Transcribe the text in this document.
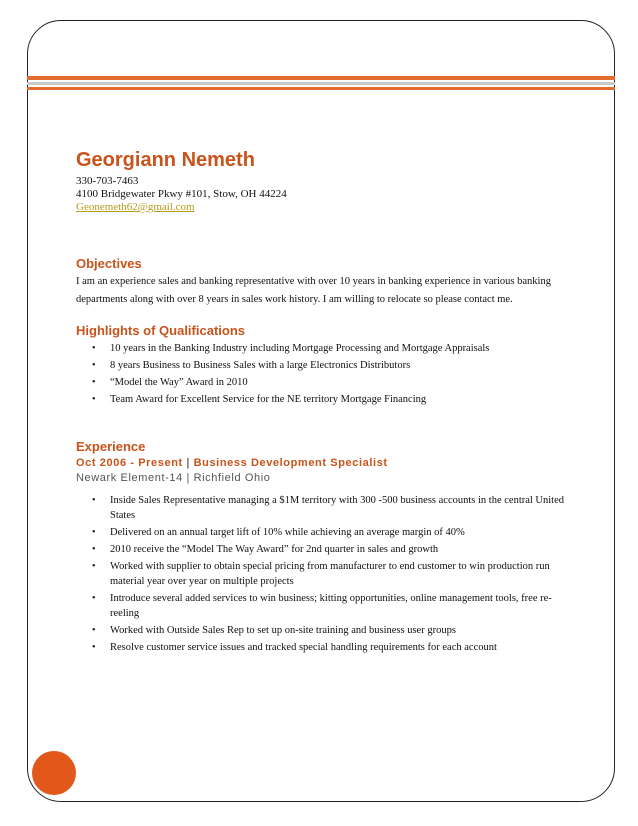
Georgiann Nemeth
330-703-7463
4100 Bridgewater Pkwy #101, Stow, OH 44224
Geonemeth62@gmail.com
Objectives
I am an experience sales and banking representative with over 10 years in banking experience in various banking departments along with over 8 years in sales work history. I am willing to relocate so please contact me.
Highlights of Qualifications
• 10 years in the Banking Industry including Mortgage Processing and Mortgage Appraisals
• 8 years Business to Business Sales with a large Electronics Distributors
• “Model the Way” Award in 2010
• Team Award for Excellent Service for the NE territory Mortgage Financing
Experience
Oct 2006 - Present | Business Development Specialist
Newark Element-14 | Richfield Ohio
• Inside Sales Representative managing a $1M territory with 300 -500 business accounts in the central United States
• Delivered on an annual target lift of 10% while achieving an average margin of 40%
• 2010 receive the “Model The Way Award” for 2nd quarter in sales and growth
• Worked with supplier to obtain special pricing from manufacturer to end customer to win production run material year over year on multiple projects
• Introduce several added services to win business; kitting opportunities, online management tools, free re-reeling
• Worked with Outside Sales Rep to set up on-site training and business user groups
• Resolve customer service issues and tracked special handling requirements for each account
